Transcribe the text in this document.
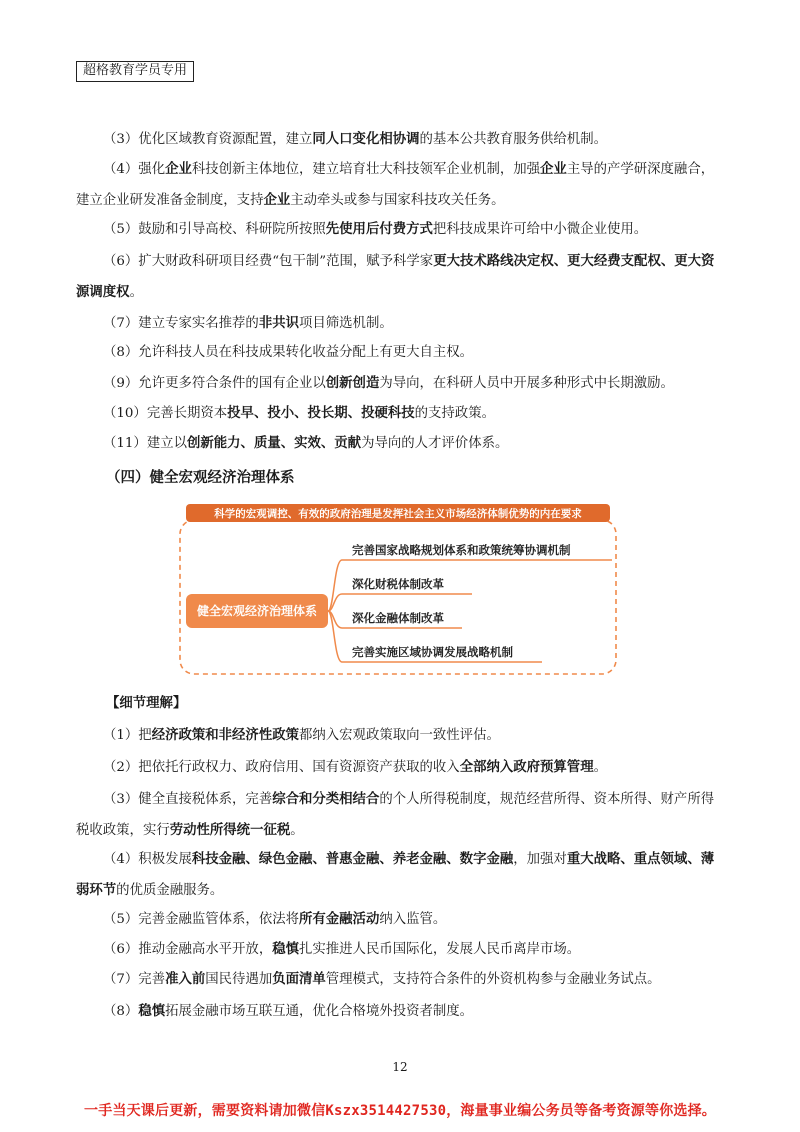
超格教育学员专用

（3）优化区域教育资源配置，建立同人口变化相协调的基本公共教育服务供给机制。

（4）强化企业科技创新主体地位，建立培育壮大科技领军企业机制，加强企业主导的产学研深度融合，建立企业研发准备金制度，支持企业主动牵头或参与国家科技攻关任务。

（5）鼓励和引导高校、科研院所按照先使用后付费方式把科技成果许可给中小微企业使用。

（6）扩大财政科研项目经费“包干制”范围，赋予科学家更大技术路线决定权、更大经费支配权、更大资源调度权。

（7）建立专家实名推荐的非共识项目筛选机制。

（8）允许科技人员在科技成果转化收益分配上有更大自主权。

（9）允许更多符合条件的国有企业以创新创造为导向，在科研人员中开展多种形式中长期激励。

（10）完善长期资本投早、投小、投长期、投硬科技的支持政策。

（11）建立以创新能力、质量、实效、贡献为导向的人才评价体系。

（四）健全宏观经济治理体系
科学的宏观调控、有效的政府治理是发挥社会主义市场经济体制优势的内在要求
健全宏观经济治理体系
完善国家战略规划体系和政策统筹协调机制
深化财税体制改革
深化金融体制改革
完善实施区域协调发展战略机制
【细节理解】

（1）把经济政策和非经济性政策都纳入宏观政策取向一致性评估。

（2）把依托行政权力、政府信用、国有资源资产获取的收入全部纳入政府预算管理。

（3）健全直接税体系，完善综合和分类相结合的个人所得税制度，规范经营所得、资本所得、财产所得税收政策，实行劳动性所得统一征税。

（4）积极发展科技金融、绿色金融、普惠金融、养老金融、数字金融，加强对重大战略、重点领域、薄弱环节的优质金融服务。

（5）完善金融监管体系，依法将所有金融活动纳入监管。

（6）推动金融高水平开放，稳慎扎实推进人民币国际化，发展人民币离岸市场。

（7）完善准入前国民待遇加负面清单管理模式，支持符合条件的外资机构参与金融业务试点。

（8）稳慎拓展金融市场互联互通，优化合格境外投资者制度。

12
一手当天课后更新，需要资料请加微信Kszx3514427530，海量事业编公务员等备考资源等你选择。
